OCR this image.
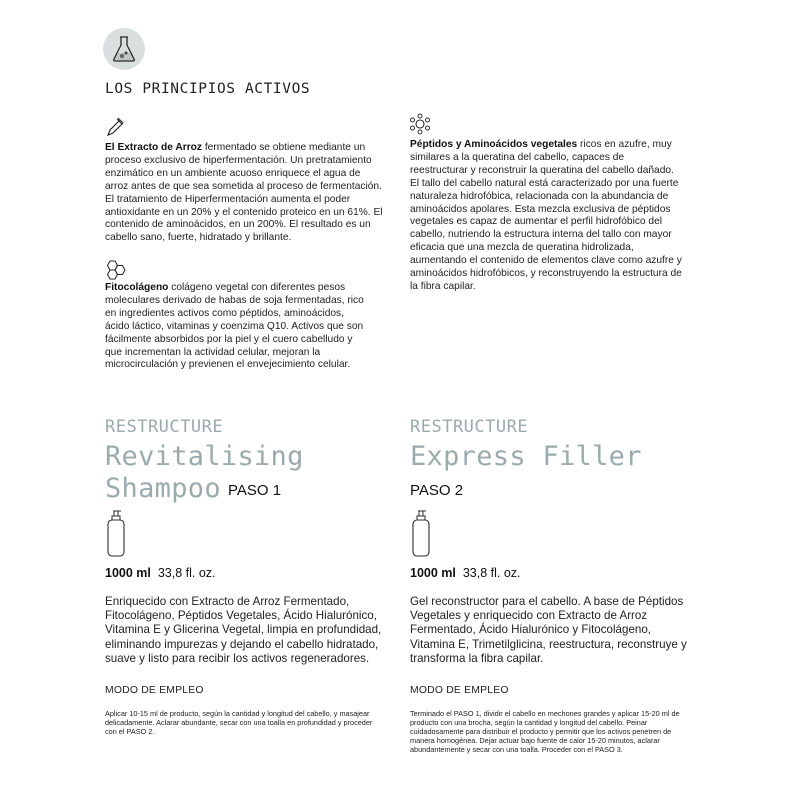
LOS PRINCIPIOS ACTIVOS
El Extracto de Arroz fermentado se obtiene mediante un proceso exclusivo de hiperfermentación. Un pretratamiento enzimático en un ambiente acuoso enriquece el agua de arroz antes de que sea sometida al proceso de fermentación. El tratamiento de Hiperfermentación aumenta el poder antioxidante en un 20% y el contenido proteico en un 61%. El contenido de aminoácidos, en un 200%. El resultado es un cabello sano, fuerte, hidratado y brillante.
Fitocolágeno colágeno vegetal con diferentes pesos moleculares derivado de habas de soja fermentadas, rico en ingredientes activos como péptidos, aminoácidos, ácido láctico, vitaminas y coenzima Q10. Activos que son fácilmente absorbidos por la piel y el cuero cabelludo y que incrementan la actividad celular, mejoran la microcirculación y previenen el envejecimiento celular.
Péptidos y Aminoácidos vegetales ricos en azufre, muy similares a la queratina del cabello, capaces de reestructurar y reconstruir la queratina del cabello dañado. El tallo del cabello natural está caracterizado por una fuerte naturaleza hidrofóbica, relacionada con la abundancia de aminoácidos apolares. Esta mezcla exclusiva de péptidos vegetales es capaz de aumentar el perfil hidrofóbico del cabello, nutriendo la estructura interna del tallo con mayor eficacia que una mezcla de queratina hidrolizada, aumentando el contenido de elementos clave como azufre y aminoácidos hidrofóbicos, y reconstruyendo la estructura de la fibra capilar.
RESTRUCTURE
Revitalising
Shampoo PASO 1
1000 ml 33,8 fl. oz.
Enriquecido con Extracto de Arroz Fermentado, Fitocolágeno, Péptidos Vegetales, Ácido Hialurónico, Vitamina E y Glicerina Vegetal, limpia en profundidad, eliminando impurezas y dejando el cabello hidratado, suave y listo para recibir los activos regeneradores.
MODO DE EMPLEO
Aplicar 10-15 ml de producto, según la cantidad y longitud del cabello, y masajear delicadamente. Aclarar abundante, secar con una toalla en profundidad y proceder con el PASO 2.
RESTRUCTURE
Express Filler
PASO 2
1000 ml 33,8 fl. oz.
Gel reconstructor para el cabello. A base de Péptidos Vegetales y enriquecido con Extracto de Arroz Fermentado, Ácido Hialurónico y Fitocolágeno, Vitamina E, Trimetilglicina, reestructura, reconstruye y transforma la fibra capilar.
MODO DE EMPLEO
Terminado el PASO 1, dividir el cabello en mechones grandes y aplicar 15-20 ml de producto con una brocha, según la cantidad y longitud del cabello. Peinar cuidadosamente para distribuir el producto y permitir que los activos penetren de manera homogénea. Dejar actuar bajo fuente de calor 15-20 minutos, aclarar abundantemente y secar con una toalla. Proceder con el PASO 3.
